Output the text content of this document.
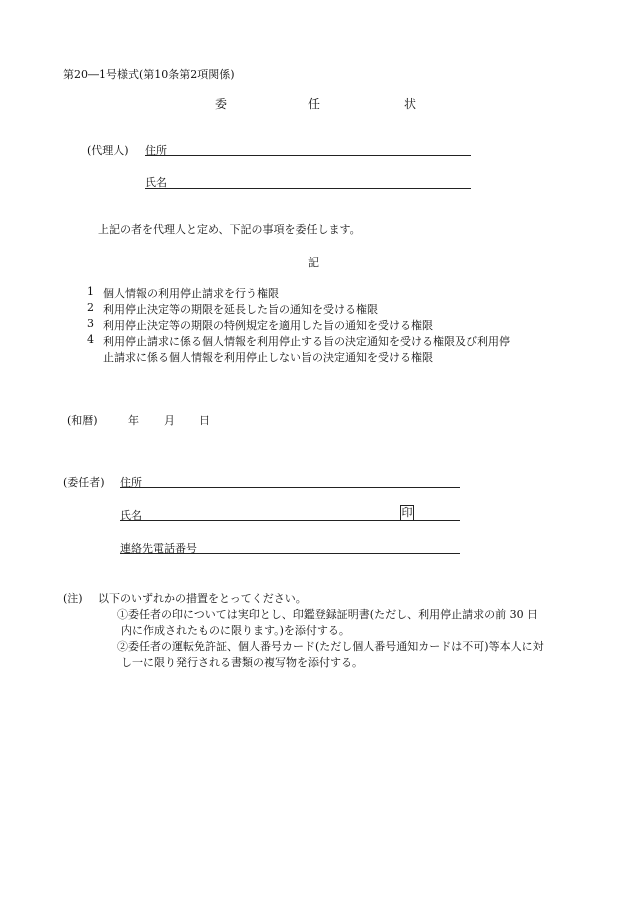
第20―1号様式(第10条第2項関係)
委	任	状
(代理人) 住所
氏名
上記の者を代理人と定め、下記の事項を委任します。
記
1 個人情報の利用停止請求を行う権限
2 利用停止決定等の期限を延長した旨の通知を受ける権限
3 利用停止決定等の期限の特例規定を適用した旨の通知を受ける権限
4 利用停止請求に係る個人情報を利用停止する旨の決定通知を受ける権限及び利用停
止請求に係る個人情報を利用停止しない旨の決定通知を受ける権限
(和暦)	年 月 日
(委任者) 住所
氏名	印
連絡先電話番号
(注) 以下のいずれかの措置をとってください。
①委任者の印については実印とし、印鑑登録証明書(ただし、利用停止請求の前 30 日
内に作成されたものに限ります。)を添付する。
②委任者の運転免許証、個人番号カード(ただし個人番号通知カードは不可)等本人に対
し一に限り発行される書類の複写物を添付する。
